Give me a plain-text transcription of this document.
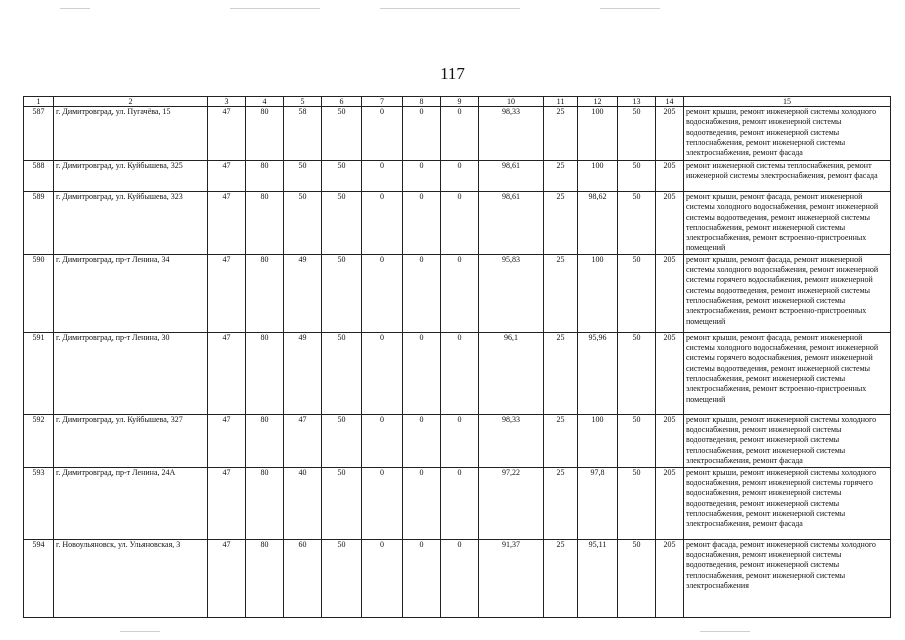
117
1	2	3	4	5	6	7	8	9	10	11	12	13	14	15
587	г. Димитровград, ул. Пугачёва, 15	47	80	58	50	0	0	0	98,33	25	100	50	205	ремонт крыши, ремонт инженерной системы холодного водоснабжения, ремонт инженерной системы водоотведения, ремонт инженерной системы теплоснабжения, ремонт инженерной системы электроснабжения, ремонт фасада
588	г. Димитровград, ул. Куйбышева, 325	47	80	50	50	0	0	0	98,61	25	100	50	205	ремонт инженерной системы теплоснабжения, ремонт инженерной системы электроснабжения, ремонт фасада
589	г. Димитровград, ул. Куйбышева, 323	47	80	50	50	0	0	0	98,61	25	98,62	50	205	ремонт крыши, ремонт фасада, ремонт инженерной системы холодного водоснабжения, ремонт инженерной системы водоотведения, ремонт инженерной системы теплоснабжения, ремонт инженерной системы электроснабжения, ремонт встроенно-пристроенных помещений
590	г. Димитровград, пр-т Ленина, 34	47	80	49	50	0	0	0	95,83	25	100	50	205	ремонт крыши, ремонт фасада, ремонт инженерной системы холодного водоснабжения, ремонт инженерной системы горячего водоснабжения, ремонт инженерной системы водоотведения, ремонт инженерной системы теплоснабжения, ремонт инженерной системы электроснабжения, ремонт встроенно-пристроенных помещений
591	г. Димитровград, пр-т Ленина, 30	47	80	49	50	0	0	0	96,1	25	95,96	50	205	ремонт крыши, ремонт фасада, ремонт инженерной системы холодного водоснабжения, ремонт инженерной системы горячего водоснабжения, ремонт инженерной системы водоотведения, ремонт инженерной системы теплоснабжения, ремонт инженерной системы электроснабжения, ремонт встроенно-пристроенных помещений
592	г. Димитровград, ул. Куйбышева, 327	47	80	47	50	0	0	0	98,33	25	100	50	205	ремонт крыши, ремонт инженерной системы холодного водоснабжения, ремонт инженерной системы водоотведения, ремонт инженерной системы теплоснабжения, ремонт инженерной системы электроснабжения, ремонт фасада
593	г. Димитровград, пр-т Ленина, 24А	47	80	40	50	0	0	0	97,22	25	97,8	50	205	ремонт крыши, ремонт инженерной системы холодного водоснабжения, ремонт инженерной системы горячего водоснабжения, ремонт инженерной системы водоотведения, ремонт инженерной системы теплоснабжения, ремонт инженерной системы электроснабжения, ремонт фасада
594	г. Новоульяновск, ул. Ульяновская, 3	47	80	60	50	0	0	0	91,37	25	95,11	50	205	ремонт фасада, ремонт инженерной системы холодного водоснабжения, ремонт инженерной системы водоотведения, ремонт инженерной системы теплоснабжения, ремонт инженерной системы электроснабжения
